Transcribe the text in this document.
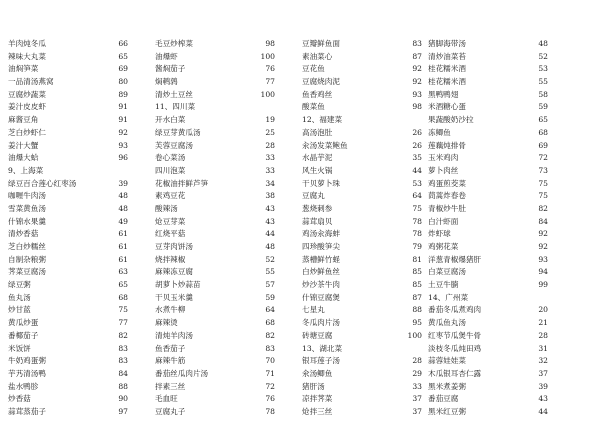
羊肉炖冬瓜	66
辣味大丸菜	65
油焖笋菜	69
一品清汤燕窝	80
豆腐炒蔬菜	89
姜汁皮皮虾	91
麻酱豆角	91
芝白炒虾仁	92
姜汁大蟹	93
油爆大蛤	96
9、上海菜
绿豆百合莲心红枣汤	39
咖喱牛肉汤	48
雪菜黄鱼汤	48
什锦水果羹	49
清炒香菇	61
芝白炒糯丝	61
自制杂粮粥	61
荠菜豆腐汤	63
绿豆粥	65
鱼丸汤	68
炒甘蓝	75
黄瓜炒蛋	77
番椰茄子	82
米饭饼	83
牛奶鸡蛋粥	83
芋艿清汤鸭	84
盐水鸭胗	88
炒香菇	90
蒜茸蒸茄子	97
毛豆炒榨菜	98
油爆虾	100
酱焖茄子	76
焖鹌鹑	77
清炒土豆丝	100
11、四川菜
开水白菜	19
绿豆芽黄瓜汤	25
芙蓉豆腐汤	28
卷心菜汤	33
四川泡菜	33
花椒油拌鲜芦笋	34
素鸡豆花	38
酸辣汤	43
炝豆芽菜	43
红烧平菇	44
豆芽肉饼汤	48
烧拌辣椒	52
麻辣冻豆腐	55
胡萝卜炒蒜苗	57
干贝玉米羹	59
水煮牛柳	64
麻辣烫	68
清炖羊肉汤	82
鱼香茄子	83
麻辣牛筋	70
番茄丝瓜肉片汤	71
拌素三丝	72
毛血旺	76
豆腐丸子	78
豆瓣鲜鱼面	83
素油菜心	87
豆花鱼	92
豆腐烧肉泥	92
鱼香鸡丝	93
酸菜鱼	98
12、福建菜
高汤泡肚	26
汆汤发菜鲍鱼	26
水晶芋泥	35
风生火锅	44
干贝萝卜珠	53
豆腐丸	64
葱烧刺参	75
蒜茸扇贝	78
鸡汤汆海蚌	78
四珍酸笋尖	79
蒸槽鲜竹蛏	81
白炒鲜鱼丝	85
炒沙茶牛肉	85
什锦豆腐煲	87
七星丸	88
冬瓜肉片汤	95
砖塘豆腐	100
13、湖北菜
银耳莲子汤	28
氽汤鲫鱼	29
猪肝汤	33
凉拌荠菜	37
炝拌三丝	37
猪脚海带汤	48
清炒油菜苔	52
桂花糯米酒	53
桂花糯米酒	55
黑鸭鸭翅	58
米酒糖心蛋	59
果蔬酸奶沙拉	65
冻鲫鱼	68
莲藕炖排骨	69
玉米鸡肉	72
萝卜肉丝	73
鸡蛋煎茭菜	75
茼蒿炸春卷	75
青椒炒牛肚	82
白汁虾面	84
炸虾球	92
鸡粥花菜	92
洋葱青椒爆猪肝	93
白菜豆腐汤	94
土豆牛腩	99
14、广州菜
番茄冬瓜煮鸡肉	20
黄瓜鱼丸汤	21
红枣节瓜煲牛骨	28
淡枝冬瓜炖田鸡	31
蒜蓉娃娃菜	32
木瓜银耳杏仁露	37
黑米煮姜粥	39
番茄豆腐	43
黑米红豆粥	44
